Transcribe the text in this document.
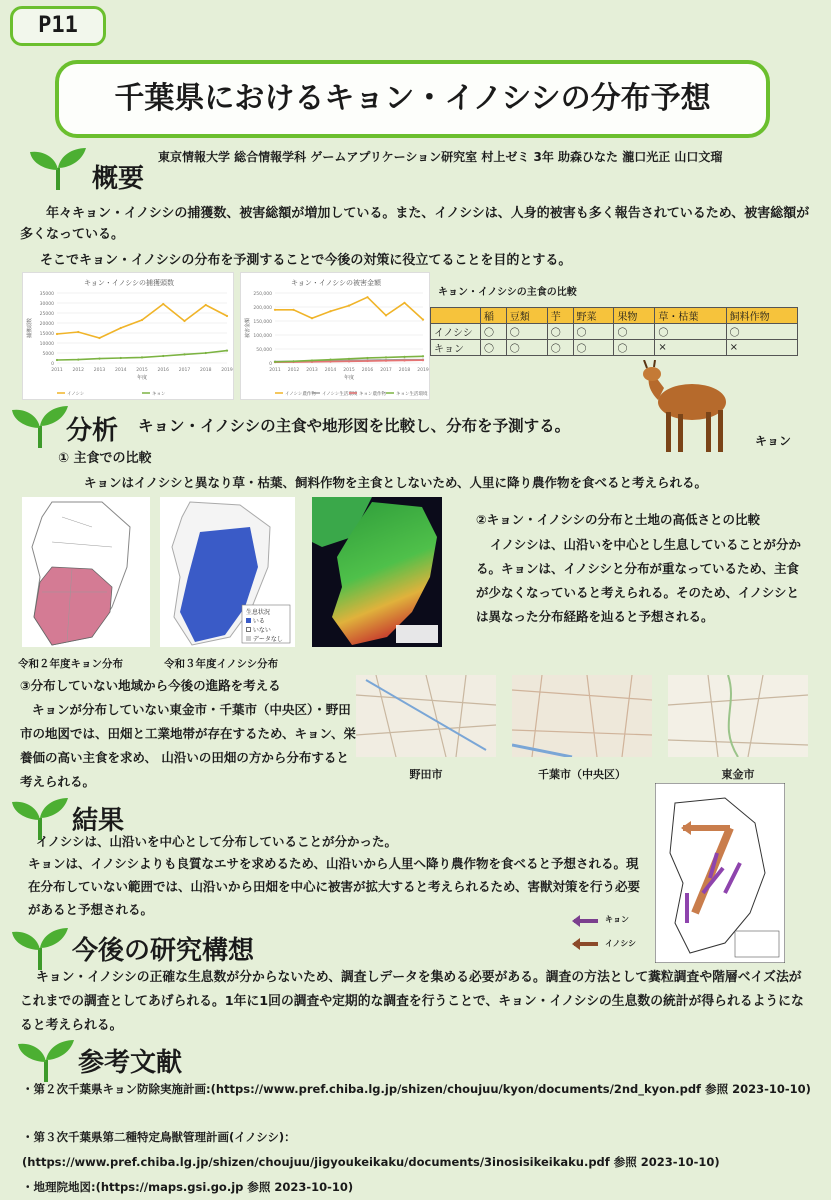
P11
千葉県におけるキョン・イノシシの分布予想
東京情報大学 総合情報学科 ゲームアプリケーション研究室 村上ゼミ 3年 助森ひなた 瀧口光正 山口文瑠
概要
年々キョン・イノシシの捕獲数、被害総額が増加している。また、イノシシは、人身的被害も多く報告されているため、被害総額が多くなっている。
そこでキョン・イノシシの分布を予測することで今後の対策に役立てることを目的とする。
キョン・イノシシの捕獲頭数
0
5000
10000
15000
20000
25000
30000
35000
2011 2012 2013 2014 2015 2016 2017 2018 2019
年度
捕獲頭数
イノシシ	キョン
キョン・イノシシの被害金額
0
50,000
100,000
150,000
200,000
250,000
2011 2012 2013 2014 2015 2016 2017 2018 2019
年度
被害金額
イノシシ農作物 イノシシ生活環境 キョン農作物 キョン生活環境
キョン・イノシシの主食の比較
	稲	豆類	芋	野菜	果物	草・枯葉	飼料作物
イノシシ	〇	〇	〇	〇	〇	〇	〇
キョン	〇	〇	〇	〇	〇	×	×
キョン
分析 キョン・イノシシの主食や地形図を比較し、分布を予測する。
① 主食での比較
キョンはイノシシと異なり草・枯葉、飼料作物を主食としないため、人里に降り農作物を食べると考えられる。
生息状況
いる
いない
データなし
令和２年度キョン分布	令和３年度イノシシ分布
②キョン・イノシシの分布と土地の高低さとの比較
イノシシは、山沿いを中心とし生息していることが分かる。キョンは、イノシシと分布が重なっているため、主食が少なくなっていると考えられる。そのため、イノシシとは異なった分布経路を辿ると予想される。
③分布していない地域から今後の進路を考える
キョンが分布していない東金市・千葉市（中央区）・野田市の地図では、田畑と工業地帯が存在するため、キョン、栄養価の高い主食を求め、 山沿いの田畑の方から分布すると考えられる。	野田市	千葉市（中央区）	東金市
結果
イノシシは、山沿いを中心として分布していることが分かった。
キョンは、イノシシよりも良質なエサを求めるため、山沿いから人里へ降り農作物を食べると予想される。現在分布していない範囲では、山沿いから田畑を中心に被害が拡大すると考えられるため、害獣対策を行う必要があると予想される。
キョン
イノシシ
今後の研究構想
キョン・イノシシの正確な生息数が分からないため、調査しデータを集める必要がある。調査の方法として糞粒調査や階層ベイズ法がこれまでの調査としてあげられる。1年に1回の調査や定期的な調査を行うことで、キョン・イノシシの生息数の統計が得られるようになると考えられる。
参考文献
・第２次千葉県キョン防除実施計画:(https://www.pref.chiba.lg.jp/shizen/choujuu/kyon/documents/2nd_kyon.pdf 参照 2023-10-10)
・第３次千葉県第二種特定鳥獣管理計画(イノシシ)：
(https://www.pref.chiba.lg.jp/shizen/choujuu/jigyoukeikaku/documents/3inosisikeikaku.pdf 参照 2023-10-10)
・地理院地図:(https://maps.gsi.go.jp 参照 2023-10-10)
